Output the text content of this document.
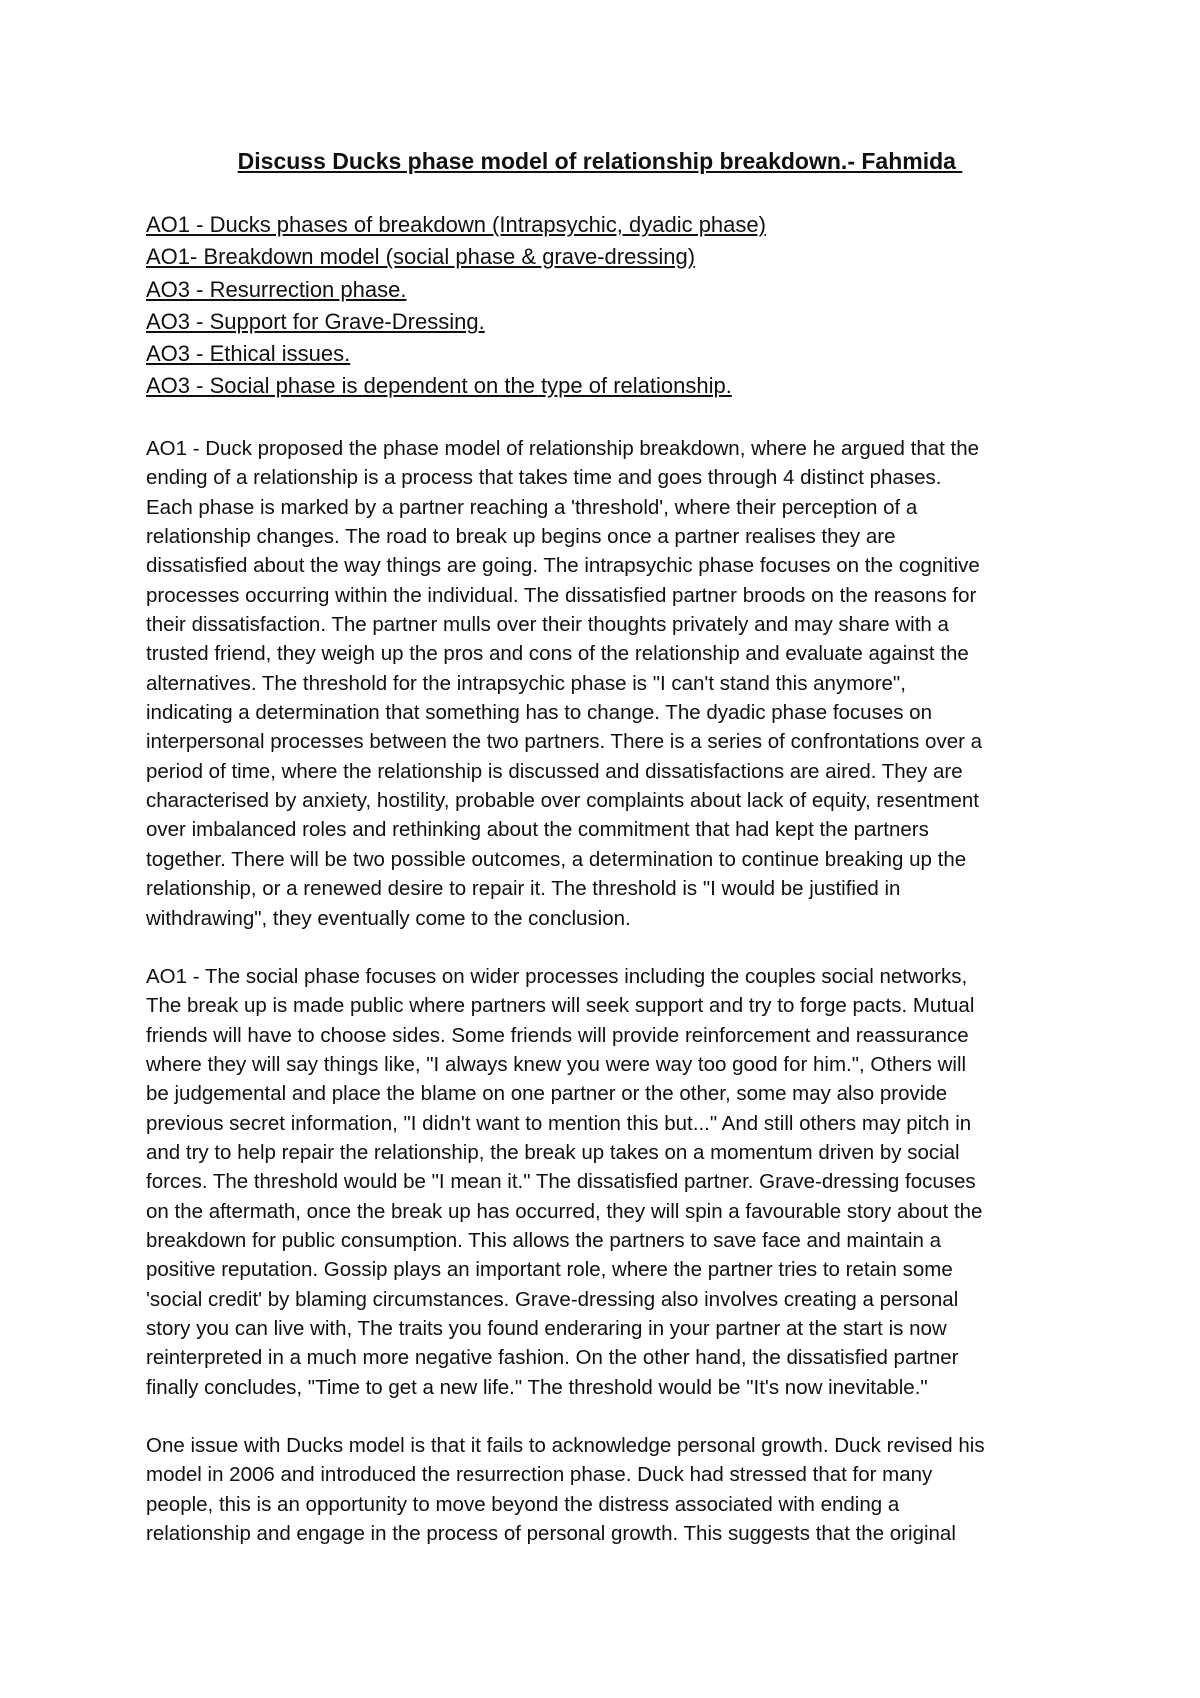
Discuss Ducks phase model of relationship breakdown.- Fahmida
AO1 - Ducks phases of breakdown (Intrapsychic, dyadic phase)
AO1- Breakdown model (social phase & grave-dressing)
AO3 - Resurrection phase.
AO3 - Support for Grave-Dressing.
AO3 - Ethical issues.
AO3 - Social phase is dependent on the type of relationship.

AO1 - Duck proposed the phase model of relationship breakdown, where he argued that the
ending of a relationship is a process that takes time and goes through 4 distinct phases.
Each phase is marked by a partner reaching a 'threshold', where their perception of a
relationship changes. The road to break up begins once a partner realises they are
dissatisfied about the way things are going. The intrapsychic phase focuses on the cognitive
processes occurring within the individual. The dissatisfied partner broods on the reasons for
their dissatisfaction. The partner mulls over their thoughts privately and may share with a
trusted friend, they weigh up the pros and cons of the relationship and evaluate against the
alternatives. The threshold for the intrapsychic phase is "I can't stand this anymore",
indicating a determination that something has to change. The dyadic phase focuses on
interpersonal processes between the two partners. There is a series of confrontations over a
period of time, where the relationship is discussed and dissatisfactions are aired. They are
characterised by anxiety, hostility, probable over complaints about lack of equity, resentment
over imbalanced roles and rethinking about the commitment that had kept the partners
together. There will be two possible outcomes, a determination to continue breaking up the
relationship, or a renewed desire to repair it. The threshold is "I would be justified in
withdrawing", they eventually come to the conclusion.

AO1 - The social phase focuses on wider processes including the couples social networks,
The break up is made public where partners will seek support and try to forge pacts. Mutual
friends will have to choose sides. Some friends will provide reinforcement and reassurance
where they will say things like, "I always knew you were way too good for him.", Others will
be judgemental and place the blame on one partner or the other, some may also provide
previous secret information, "I didn't want to mention this but..." And still others may pitch in
and try to help repair the relationship, the break up takes on a momentum driven by social
forces. The threshold would be "I mean it." The dissatisfied partner. Grave-dressing focuses
on the aftermath, once the break up has occurred, they will spin a favourable story about the
breakdown for public consumption. This allows the partners to save face and maintain a
positive reputation. Gossip plays an important role, where the partner tries to retain some
'social credit' by blaming circumstances. Grave-dressing also involves creating a personal
story you can live with, The traits you found enderaring in your partner at the start is now
reinterpreted in a much more negative fashion. On the other hand, the dissatisfied partner
finally concludes, "Time to get a new life." The threshold would be "It's now inevitable."

One issue with Ducks model is that it fails to acknowledge personal growth. Duck revised his
model in 2006 and introduced the resurrection phase. Duck had stressed that for many
people, this is an opportunity to move beyond the distress associated with ending a
relationship and engage in the process of personal growth. This suggests that the original
